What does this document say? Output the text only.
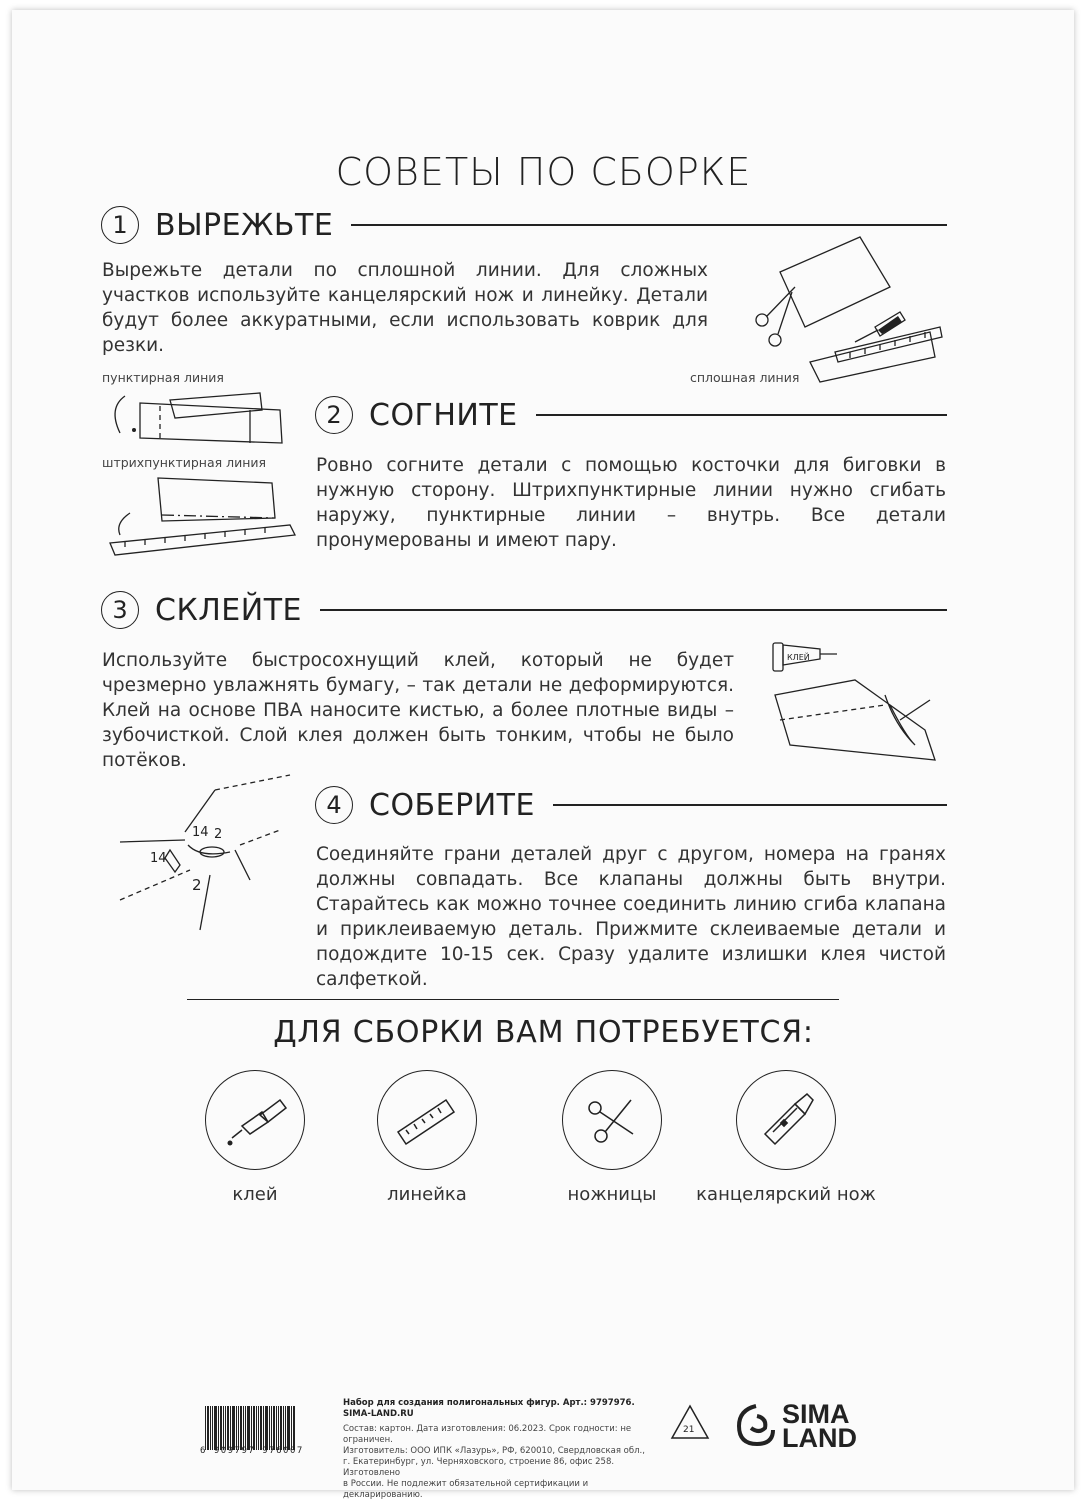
СОВЕТЫ ПО СБОРКЕ
1 ВЫРЕЖЬТЕ
Вырежьте детали по сплошной линии. Для сложных участков используйте канцелярский нож и линейку. Детали будут более аккуратными, если использовать коврик для резки.
сплошная линия
пунктирная линия
штрихпунктирная линия
2 СОГНИТЕ
Ровно согните детали с помощью косточки для биговки в нужную сторону. Штрихпунктирные линии нужно сгибать наружу, пунктирные линии – внутрь. Все детали пронумерованы и имеют пару.
3 СКЛЕЙТЕ
Используйте быстросохнущий клей, который не будет чрезмерно увлажнять бумагу, – так детали не деформируются. Клей на основе ПВА наносите кистью, а более плотные виды – зубочисткой. Слой клея должен быть тонким, чтобы не было потёков.
КЛЕЙ
14 2
14
2
4 СОБЕРИТЕ
Соединяйте грани деталей друг с другом, номера на гранях должны совпадать. Все клапаны должны быть внутри. Старайтесь как можно точнее соединить линию сгиба клапана и приклеиваемую деталь. Прижмите склеиваемые детали и подождите 10-15 сек. Сразу удалите излишки клея чистой салфеткой.
ДЛЯ СБОРКИ ВАМ ПОТРЕБУЕТСЯ:
клей	линейка	ножницы	канцелярский нож
6 909797 976007
Набор для создания полигональных фигур. Арт.: 9797976. SIMA-LAND.RU
Состав: картон. Дата изготовления: 06.2023. Срок годности: не ограничен.
Изготовитель: ООО ИПК «Лазурь», РФ, 620010, Свердловская обл.,
г. Екатеринбург, ул. Черняховского, строение 86, офис 258. Изготовлено
в России. Не подлежит обязательной сертификации и декларированию.
21
SIMA
LAND
